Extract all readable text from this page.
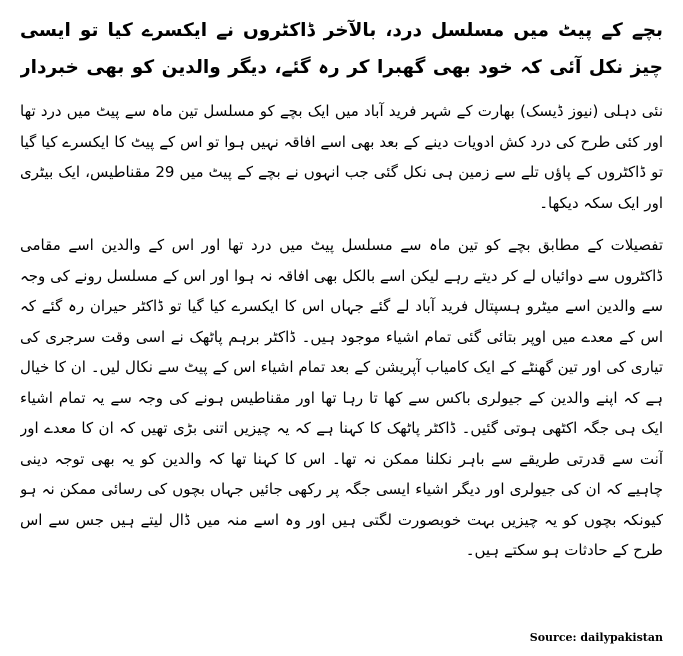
بچے کے پیٹ میں مسلسل درد، بالآخر ڈاکٹروں نے ایکسرے کیا تو ایسی چیز نکل آئی کہ خود بھی گھبرا کر رہ گئے، دیگر والدین کو بھی خبردار

نئی دہلی (نیوز ڈیسک) بھارت کے شہر فرید آباد میں ایک بچے کو مسلسل تین ماہ سے پیٹ میں درد تھا اور کئی طرح کی درد کش ادویات دینے کے بعد بھی اسے افاقہ نہیں ہوا تو اس کے پیٹ کا ایکسرے کیا گیا تو ڈاکٹروں کے پاؤں تلے سے زمین ہی نکل گئی جب انہوں نے بچے کے پیٹ میں 29 مقناطیس، ایک بیٹری اور ایک سکہ دیکھا۔

تفصیلات کے مطابق بچے کو تین ماہ سے مسلسل پیٹ میں درد تھا اور اس کے والدین اسے مقامی ڈاکٹروں سے دوائیاں لے کر دیتے رہے لیکن اسے بالکل بھی افاقہ نہ ہوا اور اس کے مسلسل رونے کی وجہ سے والدین اسے میٹرو ہسپتال فرید آباد لے گئے جہاں اس کا ایکسرے کیا گیا تو ڈاکٹر حیران رہ گئے کہ اس کے معدے میں اوپر بتائی گئی تمام اشیاء موجود ہیں۔ ڈاکٹر برہم پاٹھک نے اسی وقت سرجری کی تیاری کی اور تین گھنٹے کے ایک کامیاب آپریشن کے بعد تمام اشیاء اس کے پیٹ سے نکال لیں۔ ان کا خیال ہے کہ اپنے والدین کے جیولری باکس سے کھا تا رہا تھا اور مقناطیس ہونے کی وجہ سے یہ تمام اشیاء ایک ہی جگہ اکٹھی ہوتی گئیں۔ ڈاکٹر پاٹھک کا کہنا ہے کہ یہ چیزیں اتنی بڑی تھیں کہ ان کا معدے اور آنت سے قدرتی طریقے سے باہر نکلنا ممکن نہ تھا۔ اس کا کہنا تھا کہ والدین کو یہ بھی توجہ دینی چاہیے کہ ان کی جیولری اور دیگر اشیاء ایسی جگہ پر رکھی جائیں جہاں بچوں کی رسائی ممکن نہ ہو کیونکہ بچوں کو یہ چیزیں بہت خوبصورت لگتی ہیں اور وہ اسے منہ میں ڈال لیتے ہیں جس سے اس طرح کے حادثات ہو سکتے ہیں۔

Source: dailypakistan
